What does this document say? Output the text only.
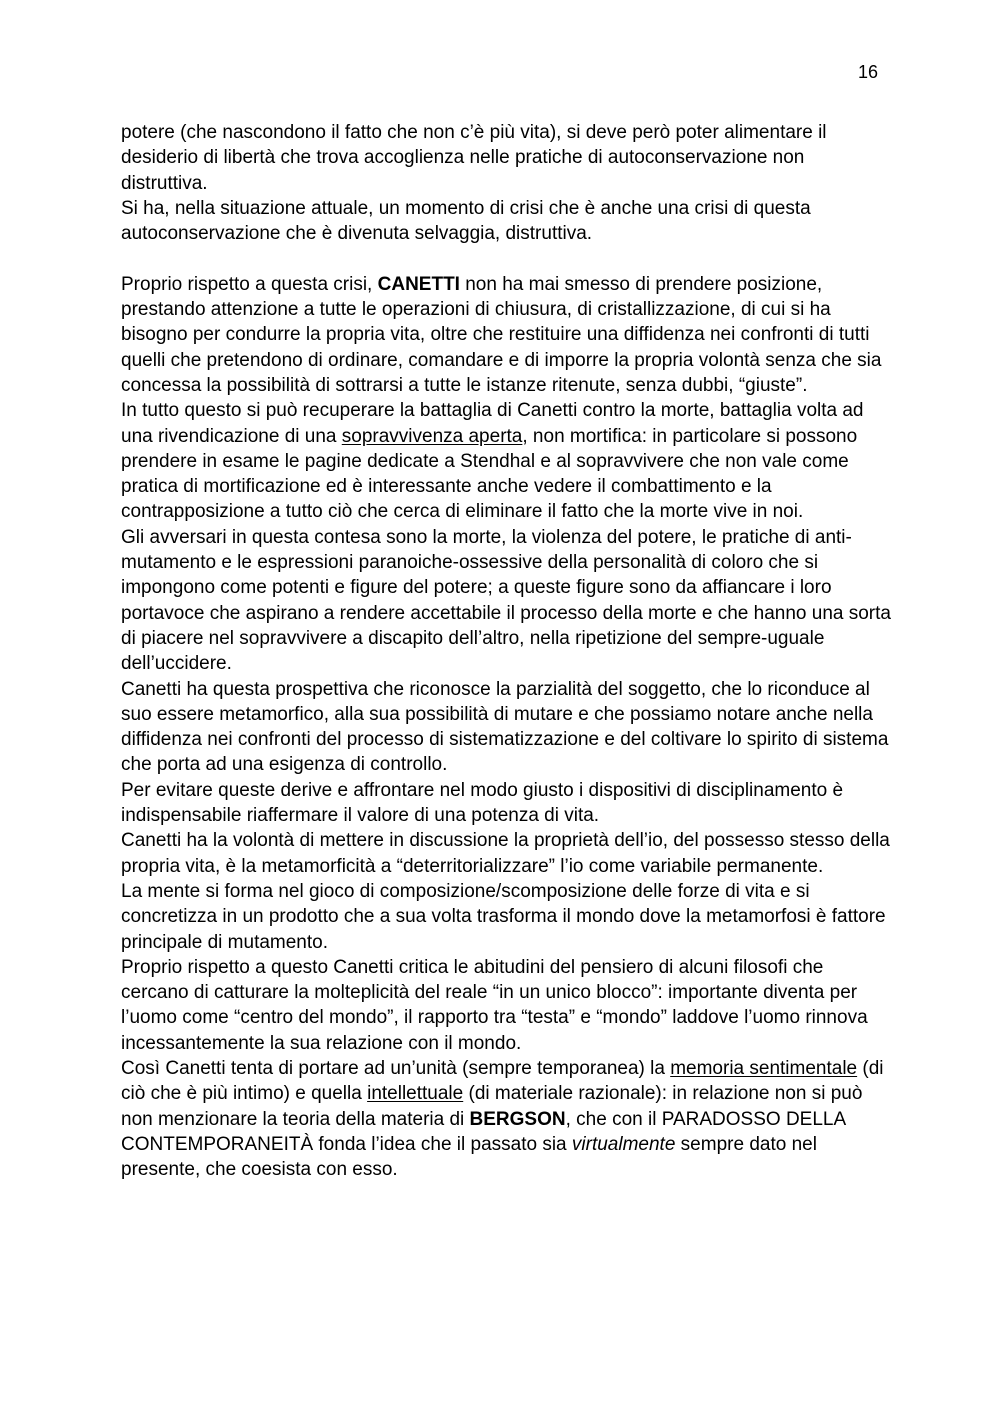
16

potere (che nascondono il fatto che non c’è più vita), si deve però poter alimentare il desiderio di libertà che trova accoglienza nelle pratiche di autoconservazione non distruttiva.

Si ha, nella situazione attuale, un momento di crisi che è anche una crisi di questa autoconservazione che è divenuta selvaggia, distruttiva.

Proprio rispetto a questa crisi, CANETTI non ha mai smesso di prendere posizione, prestando attenzione a tutte le operazioni di chiusura, di cristallizzazione, di cui si ha bisogno per condurre la propria vita, oltre che restituire una diffidenza nei confronti di tutti quelli che pretendono di ordinare, comandare e di imporre la propria volontà senza che sia concessa la possibilità di sottrarsi a tutte le istanze ritenute, senza dubbi, “giuste”.

In tutto questo si può recuperare la battaglia di Canetti contro la morte, battaglia volta ad una rivendicazione di una sopravvivenza aperta, non mortifica: in particolare si possono prendere in esame le pagine dedicate a Stendhal e al sopravvivere che non vale come pratica di mortificazione ed è interessante anche vedere il combattimento e la contrapposizione a tutto ciò che cerca di eliminare il fatto che la morte vive in noi.

Gli avversari in questa contesa sono la morte, la violenza del potere, le pratiche di anti-mutamento e le espressioni paranoiche-ossessive della personalità di coloro che si impongono come potenti e figure del potere; a queste figure sono da affiancare i loro portavoce che aspirano a rendere accettabile il processo della morte e che hanno una sorta di piacere nel sopravvivere a discapito dell’altro, nella ripetizione del sempre-uguale dell’uccidere.

Canetti ha questa prospettiva che riconosce la parzialità del soggetto, che lo riconduce al suo essere metamorfico, alla sua possibilità di mutare e che possiamo notare anche nella diffidenza nei confronti del processo di sistematizzazione e del coltivare lo spirito di sistema che porta ad una esigenza di controllo.

Per evitare queste derive e affrontare nel modo giusto i dispositivi di disciplinamento è indispensabile riaffermare il valore di una potenza di vita.

Canetti ha la volontà di mettere in discussione la proprietà dell’io, del possesso stesso della propria vita, è la metamorficità a “deterritorializzare” l’io come variabile permanente.

La mente si forma nel gioco di composizione/scomposizione delle forze di vita e si concretizza in un prodotto che a sua volta trasforma il mondo dove la metamorfosi è fattore principale di mutamento.

Proprio rispetto a questo Canetti critica le abitudini del pensiero di alcuni filosofi che cercano di catturare la molteplicità del reale “in un unico blocco”: importante diventa per l’uomo come “centro del mondo”, il rapporto tra “testa” e “mondo” laddove l’uomo rinnova incessantemente la sua relazione con il mondo.

Così Canetti tenta di portare ad un’unità (sempre temporanea) la memoria sentimentale (di ciò che è più intimo) e quella intellettuale (di materiale razionale): in relazione non si può non menzionare la teoria della materia di BERGSON, che con il PARADOSSO DELLA CONTEMPORANEITÀ fonda l’idea che il passato sia virtualmente sempre dato nel presente, che coesista con esso.
